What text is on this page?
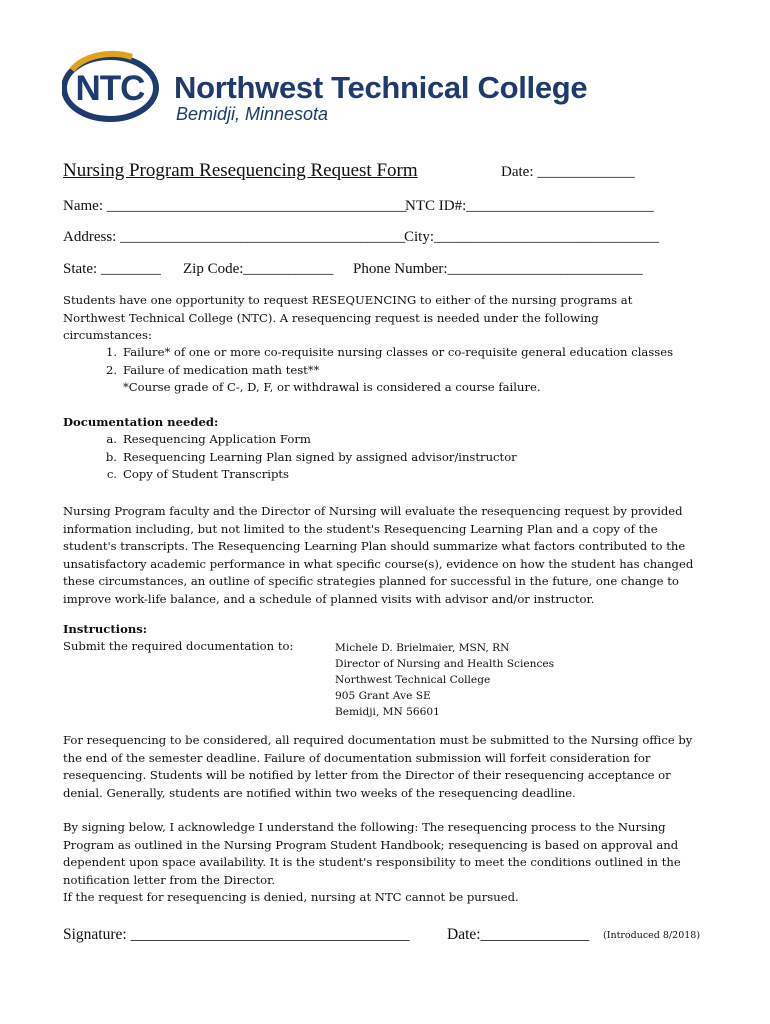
NTC Northwest Technical College
Bemidji, Minnesota
Nursing Program Resequencing Request Form	Date: _____________
Name: ________________________________________
NTC ID#:_________________________
Address: ______________________________________
City:______________________________
State: ________ Zip Code:____________ Phone Number:__________________________

Students have one opportunity to request RESEQUENCING to either of the nursing programs at Northwest Technical College (NTC). A resequencing request is needed under the following circumstances:

1. Failure* of one or more co-requisite nursing classes or co-requisite general education classes
2. Failure of medication math test**
*Course grade of C-, D, F, or withdrawal is considered a course failure.
Documentation needed:
a. Resequencing Application Form
b. Resequencing Learning Plan signed by assigned advisor/instructor
c. Copy of Student Transcripts

Nursing Program faculty and the Director of Nursing will evaluate the resequencing request by provided information including, but not limited to the student's Resequencing Learning Plan and a copy of the student's transcripts. The Resequencing Learning Plan should summarize what factors contributed to the unsatisfactory academic performance in what specific course(s), evidence on how the student has changed these circumstances, an outline of specific strategies planned for successful in the future, one change to improve work-life balance, and a schedule of planned visits with advisor and/or instructor.

Instructions:
Submit the required documentation to:	Michele D. Brielmaier, MSN, RN
Director of Nursing and Health Sciences
Northwest Technical College
905 Grant Ave SE
Bemidji, MN 56601

For resequencing to be considered, all required documentation must be submitted to the Nursing office by the end of the semester deadline. Failure of documentation submission will forfeit consideration for resequencing. Students will be notified by letter from the Director of their resequencing acceptance or denial. Generally, students are notified within two weeks of the resequencing deadline.

By signing below, I acknowledge I understand the following: The resequencing process to the Nursing Program as outlined in the Nursing Program Student Handbook; resequencing is based on approval and dependent upon space availability. It is the student's responsibility to meet the conditions outlined in the notification letter from the Director.

If the request for resequencing is denied, nursing at NTC cannot be pursued.

Signature: ____________________________________ Date:______________ (Introduced 8/2018)
